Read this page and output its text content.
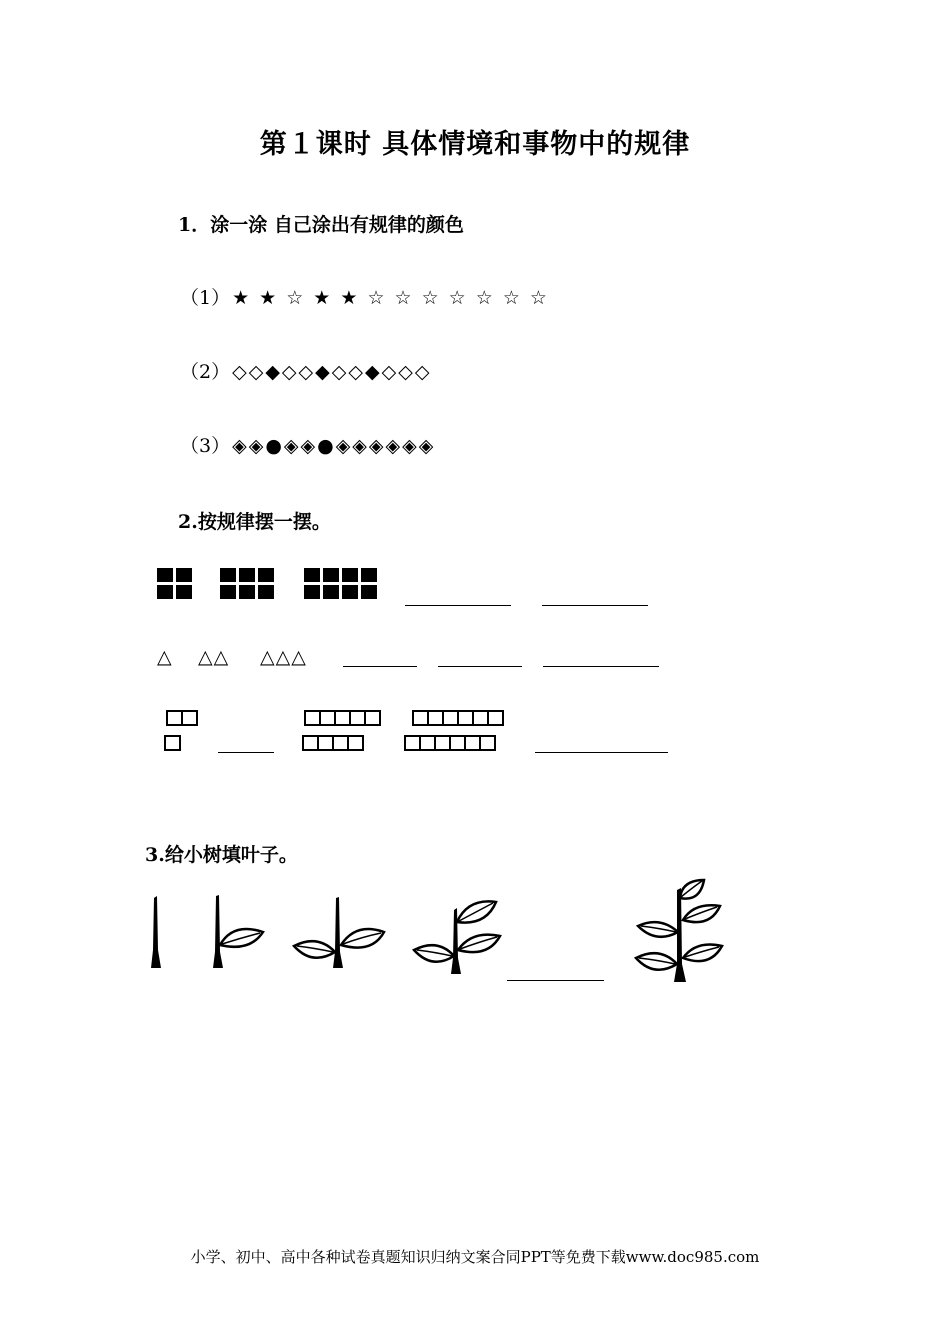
第１课时 具体情境和事物中的规律
1．涂一涂 自己涂出有规律的颜色
（1） ★ ★ ☆ ★ ★ ☆ ☆ ☆ ☆ ☆ ☆ ☆
（2） ◇◇◆◇◇◆◇◇◆◇◇◇
（3） ◈◈●◈◈●◈◈◈◈◈◈
2.按规律摆一摆。
△ △△ △△△
3.给小树填叶子。
小学、初中、高中各种试卷真题知识归纳文案合同PPT等免费下载www.doc985.com
